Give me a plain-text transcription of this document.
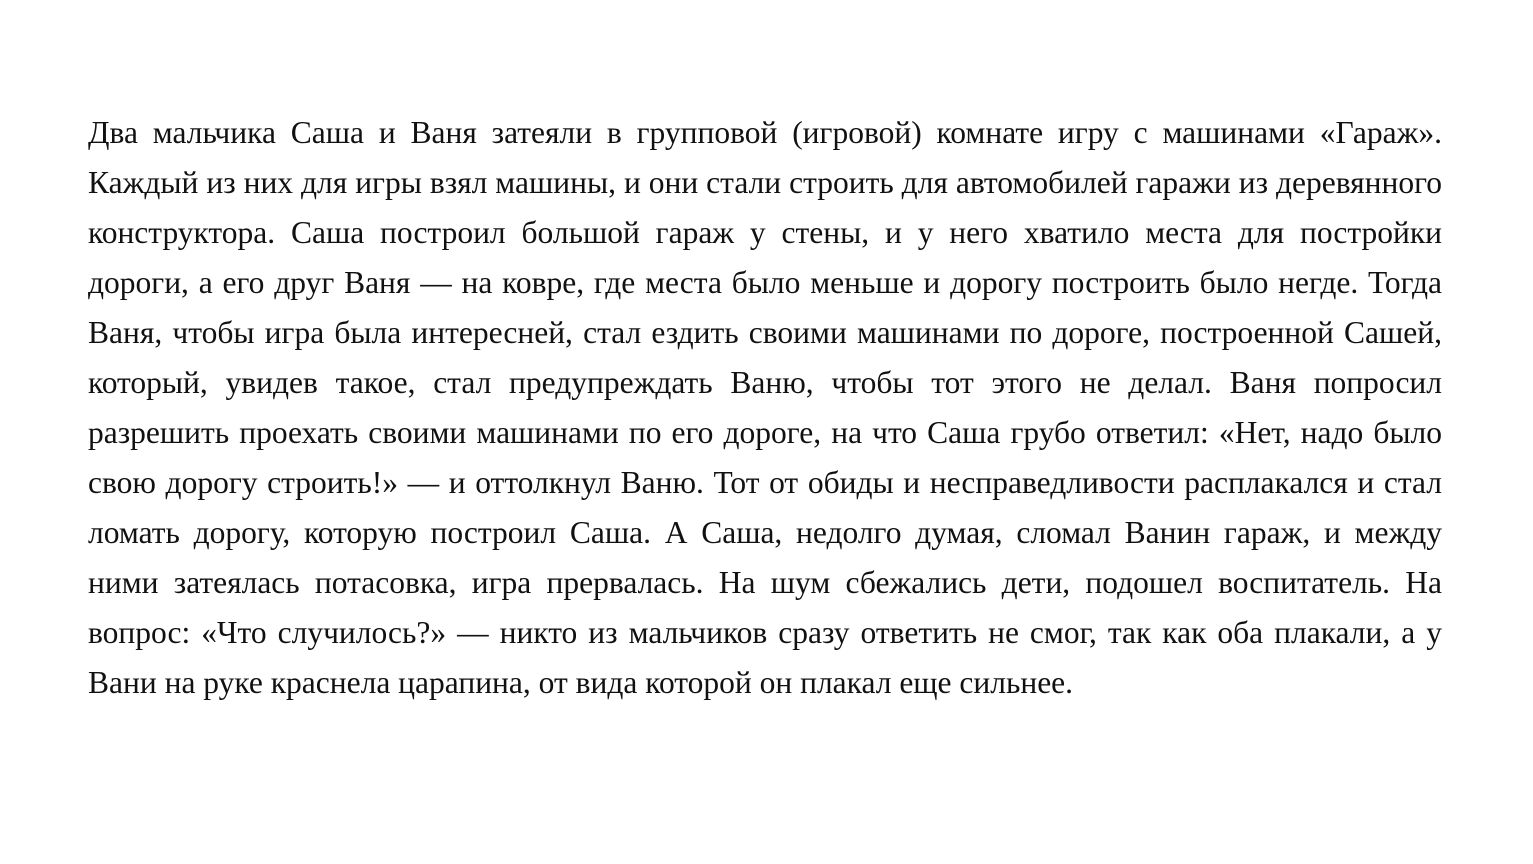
Два мальчика Саша и Ваня затеяли в групповой (игровой) комнате игру с машинами «Гараж». Каждый из них для игры взял машины, и они стали строить для автомобилей гаражи из деревянного конструктора. Саша построил большой гараж у стены, и у него хватило места для постройки дороги, а его друг Ваня — на ковре, где места было меньше и дорогу построить было негде. Тогда Ваня, чтобы игра была интересней, стал ездить своими машинами по дороге, построенной Сашей, который, увидев такое, стал предупреждать Ваню, чтобы тот этого не делал. Ваня попросил разрешить проехать своими машинами по его дороге, на что Саша грубо ответил: «Нет, надо было свою дорогу строить!» — и оттолкнул Ваню. Тот от обиды и несправедливости расплакался и стал ломать дорогу, которую построил Саша. А Саша, недолго думая, сломал Ванин гараж, и между ними затеялась потасовка, игра прервалась. На шум сбежались дети, подошел воспитатель. На вопрос: «Что случилось?» — никто из мальчиков сразу ответить не смог, так как оба плакали, а у Вани на руке краснела царапина, от вида которой он плакал еще сильнее.
